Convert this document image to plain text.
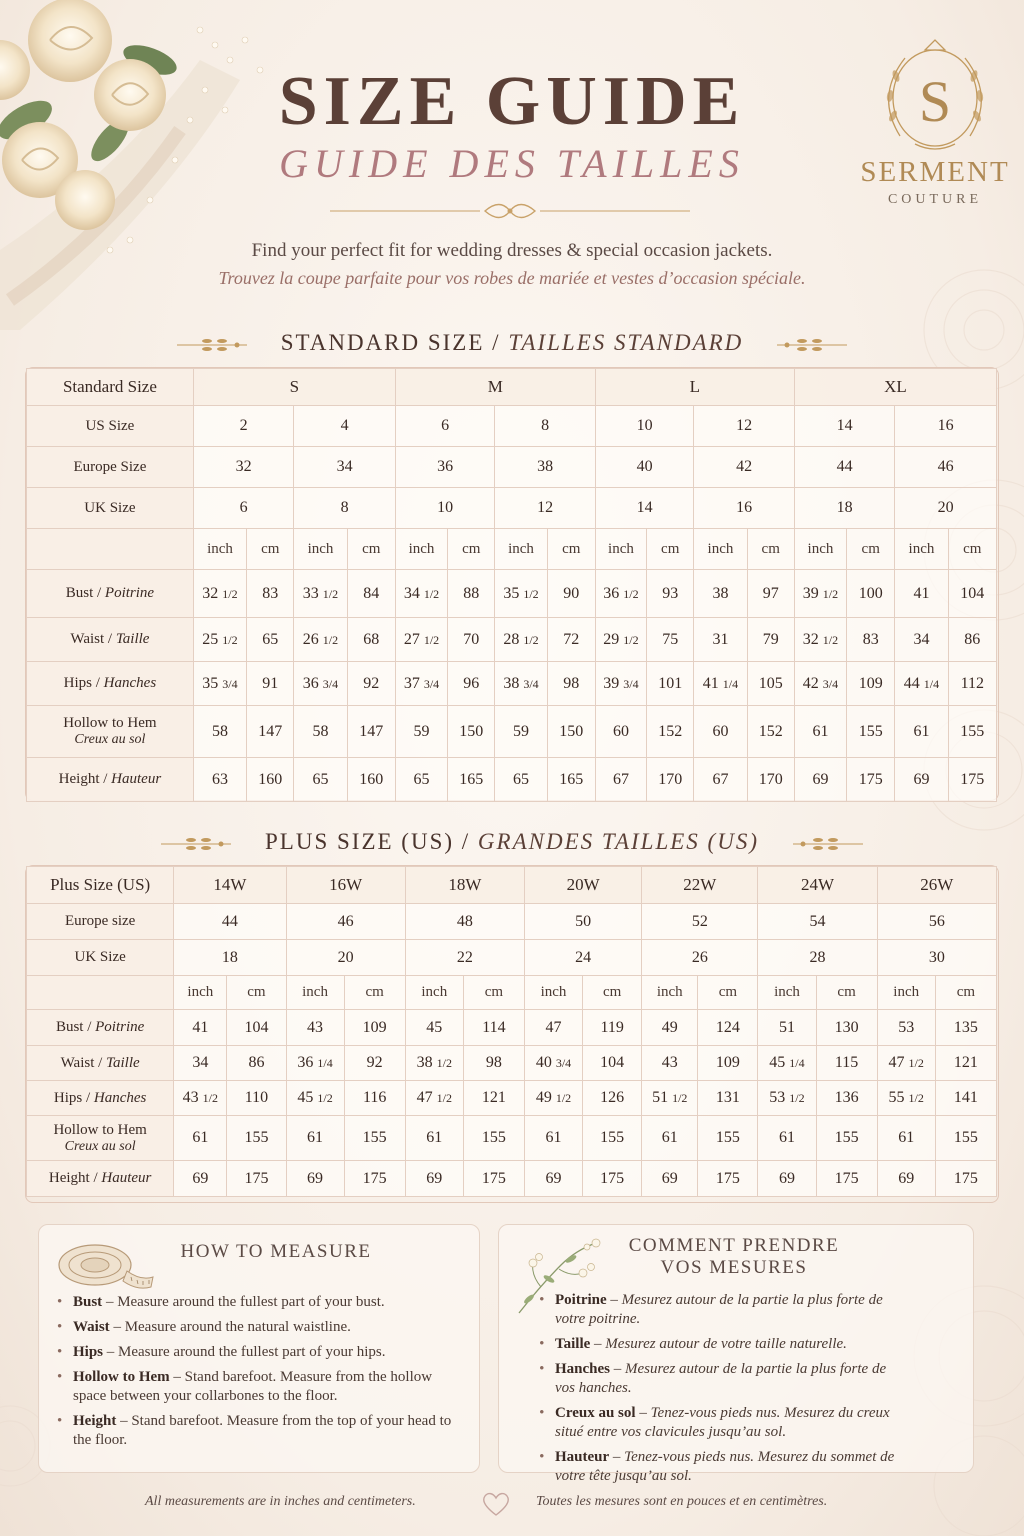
SIZE GUIDE
GUIDE DES TAILLES
S
SERMENT
COUTURE
Find your perfect fit for wedding dresses & special occasion jackets.
Trouvez la coupe parfaite pour vos robes de mariée et vestes d’occasion spéciale.
STANDARD SIZE / TAILLES STANDARD
Standard Size	S				M				L				XL			
US Size	2		4		6		8		10		12		14		16	
Europe Size	32		34		36		38		40		42		44		46	
UK Size	6		8		10		12		14		16		18		20	
	inch	cm	inch	cm	inch	cm	inch	cm	inch	cm	inch	cm	inch	cm	inch	cm
Bust / Poitrine	32 1/2	83	33 1/2	84	34 1/2	88	35 1/2	90	36 1/2	93	38	97	39 1/2	100	41	104
Waist / Taille	25 1/2	65	26 1/2	68	27 1/2	70	28 1/2	72	29 1/2	75	31	79	32 1/2	83	34	86
Hips / Hanches	35 3/4	91	36 3/4	92	37 3/4	96	38 3/4	98	39 3/4	101	41 1/4	105	42 3/4	109	44 1/4	112

Hollow to Hem
Creux au sol	58	147	58	147	59	150	59	150	60	152	60	152	61	155	61	155
Height / Hauteur	63	160	65	160	65	165	65	165	67	170	67	170	69	175	69	175
PLUS SIZE (US) / GRANDES TAILLES (US)
Plus Size (US)	14W		16W		18W		20W		22W		24W		26W	
Europe size	44		46		48		50		52		54		56	
UK Size	18		20		22		24		26		28		30	
	inch	cm	inch	cm	inch	cm	inch	cm	inch	cm	inch	cm	inch	cm
Bust / Poitrine	41	104	43	109	45	114	47	119	49	124	51	130	53	135
Waist / Taille	34	86	36 1/4	92	38 1/2	98	40 3/4	104	43	109	45 1/4	115	47 1/2	121
Hips / Hanches	43 1/2	110	45 1/2	116	47 1/2	121	49 1/2	126	51 1/2	131	53 1/2	136	55 1/2	141

Hollow to Hem
Creux au sol	61	155	61	155	61	155	61	155	61	155	61	155	61	155
Height / Hauteur	69	175	69	175	69	175	69	175	69	175	69	175	69	175
HOW TO MEASURE
• Bust – Measure around the fullest part of your bust.
• Waist – Measure around the natural waistline.
• Hips – Measure around the fullest part of your hips.
• Hollow to Hem – Stand barefoot. Measure from the hollow space between your collarbones to the floor.
• Height – Stand barefoot. Measure from the top of your head to the floor.
COMMENT PRENDRE
VOS MESURES
• Poitrine – Mesurez autour de la partie la plus forte de votre poitrine.
• Taille – Mesurez autour de votre taille naturelle.
• Hanches – Mesurez autour de la partie la plus forte de vos hanches.
• Creux au sol – Tenez-vous pieds nus. Mesurez du creux situé entre vos clavicules jusqu’au sol.
• Hauteur – Tenez-vous pieds nus. Mesurez du sommet de votre tête jusqu’au sol.
All measurements are in inches and centimeters.	Toutes les mesures sont en pouces et en centimètres.
